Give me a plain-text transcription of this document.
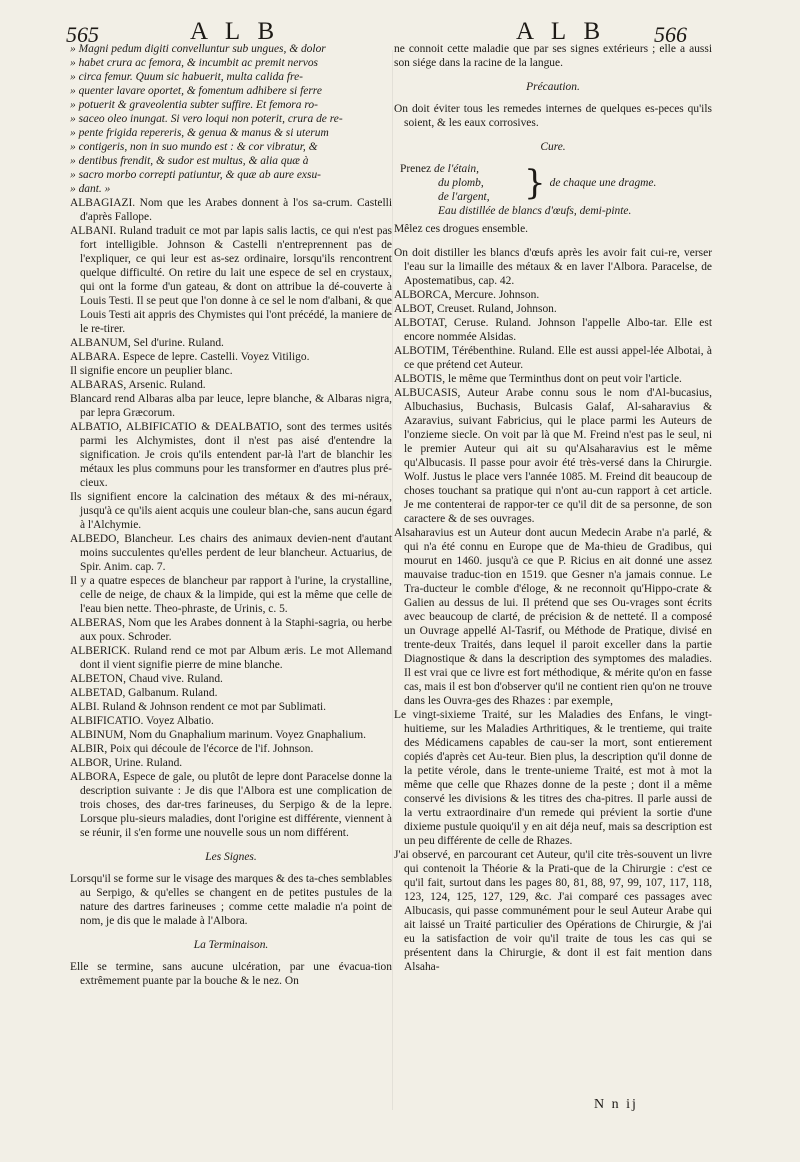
565	A L B	A L B 566

» Magni pedum digiti convelluntur sub ungues, & dolor

» habet crura ac femora, & incumbit ac premit nervos

» circa femur. Quum sic habuerit, multa calida fre-

» quenter lavare oportet, & fomentum adhibere si ferre

» potuerit & graveolentia subter suffire. Et femora ro-

» saceo oleo inungat. Si vero loqui non poterit, crura de re-

» pente frigida repereris, & genua & manus & si uterum

» contigeris, non in suo mundo est : & cor vibratur, &

» dentibus frendit, & sudor est multus, & alia quæ à

» sacro morbo correpti patiuntur, & quæ ab aure exsu-

» dant. »

ALBAGIAZI. Nom que les Arabes donnent à l'os sa-crum. Castelli d'après Fallope.

ALBANI. Ruland traduit ce mot par lapis salis lactis, ce qui n'est pas fort intelligible. Johnson & Castelli n'entreprennent pas de l'expliquer, ce qui leur est as-sez ordinaire, lorsqu'ils rencontrent quelque difficulté. On retire du lait une espece de sel en crystaux, qui ont la forme d'un gateau, & dont on attribue la dé-couverte à Louis Testi. Il se peut que l'on donne à ce sel le nom d'albani, & que Louis Testi ait appris des Chymistes qui l'ont précédé, la maniere de le re-tirer.

ALBANUM, Sel d'urine. Ruland.

ALBARA. Espece de lepre. Castelli. Voyez Vitiligo.

Il signifie encore un peuplier blanc.

ALBARAS, Arsenic. Ruland.

Blancard rend Albaras alba par leuce, lepre blanche, & Albaras nigra, par lepra Græcorum.

ALBATIO, ALBIFICATIO & DEALBATIO, sont des termes usités parmi les Alchymistes, dont il n'est pas aisé d'entendre la signification. Je crois qu'ils entendent par-là l'art de blanchir les métaux les plus communs pour les transformer en d'autres plus pré-cieux.

Ils signifient encore la calcination des métaux & des mi-néraux, jusqu'à ce qu'ils aient acquis une couleur blan-che, sans aucun égard à l'Alchymie.

ALBEDO, Blancheur. Les chairs des animaux devien-nent d'autant moins succulentes qu'elles perdent de leur blancheur. Actuarius, de Spir. Anim. cap. 7.

Il y a quatre especes de blancheur par rapport à l'urine, la crystalline, celle de neige, de chaux & la limpide, qui est la même que celle de l'eau bien nette. Theo-phraste, de Urinis, c. 5.

ALBERAS, Nom que les Arabes donnent à la Staphi-sagria, ou herbe aux poux. Schroder.

ALBERICK. Ruland rend ce mot par Album æris. Le mot Allemand dont il vient signifie pierre de mine blanche.

ALBETON, Chaud vive. Ruland.

ALBETAD, Galbanum. Ruland.

ALBI. Ruland & Johnson rendent ce mot par Sublimati.

ALBIFICATIO. Voyez Albatio.

ALBINUM, Nom du Gnaphalium marinum. Voyez Gnaphalium.

ALBIR, Poix qui découle de l'écorce de l'if. Johnson.

ALBOR, Urine. Ruland.

ALBORA, Espece de gale, ou plutôt de lepre dont Paracelse donne la description suivante : Je dis que l'Albora est une complication de trois choses, des dar-tres farineuses, du Serpigo & de la lepre. Lorsque plu-sieurs maladies, dont l'origine est différente, viennent à se réunir, il s'en forme une nouvelle sous un nom différent.

Les Signes.

Lorsqu'il se forme sur le visage des marques & des ta-ches semblables au Serpigo, & qu'elles se changent en de petites pustules de la nature des dartres farineuses ; comme cette maladie n'a point de nom, je dis que le malade à l'Albora.

La Terminaison.

Elle se termine, sans aucune ulcération, par une évacua-tion extrêmement puante par la bouche & le nez. On

ne connoit cette maladie que par ses signes extérieurs ; elle a aussi son siége dans la racine de la langue.

Précaution.

On doit éviter tous les remedes internes de quelques es-peces qu'ils soient, & les eaux corrosives.

Cure.

Prenez de l'étain,
du plomb,
de l'argent,	} de chaque une dragme.
Eau distillée de blancs d'œufs, demi-pinte.

Mêlez ces drogues ensemble.

On doit distiller les blancs d'œufs après les avoir fait cui-re, verser l'eau sur la limaille des métaux & en laver l'Albora. Paracelse, de Apostematibus, cap. 42.

ALBORCA, Mercure. Johnson.

ALBOT, Creuset. Ruland, Johnson.

ALBOTAT, Ceruse. Ruland. Johnson l'appelle Albo-tar. Elle est encore nommée Alsidas.

ALBOTIM, Térébenthine. Ruland. Elle est aussi appel-lée Albotai, à ce que prétend cet Auteur.

ALBOTIS, le même que Terminthus dont on peut voir l'article.

ALBUCASIS, Auteur Arabe connu sous le nom d'Al-bucasius, Albuchasius, Buchasis, Bulcasis Galaf, Al-saharavius & Azaravius, suivant Fabricius, qui le place parmi les Auteurs de l'onzieme siecle. On voit par là que M. Freind n'est pas le seul, ni le premier Auteur qui ait su qu'Alsaharavius est le même qu'Albucasis. Il passe pour avoir été très-versé dans la Chirurgie. Wolf. Justus le place vers l'année 1085. M. Freind dit beaucoup de choses touchant sa pratique qui n'ont au-cun rapport à cet article. Je me contenterai de rappor-ter ce qu'il dit de sa personne, de son caractere & de ses ouvrages.

Alsaharavius est un Auteur dont aucun Medecin Arabe n'a parlé, & qui n'a été connu en Europe que de Ma-thieu de Gradibus, qui mourut en 1460. jusqu'à ce que P. Ricius en ait donné une assez mauvaise traduc-tion en 1519. que Gesner n'a jamais connue. Le Tra-ducteur le comble d'éloge, & ne reconnoit qu'Hippo-crate & Galien au dessus de lui. Il prétend que ses Ou-vrages sont écrits avec beaucoup de clarté, de précision & de netteté. Il a composé un Ouvrage appellé Al-Tasrif, ou Méthode de Pratique, divisé en trente-deux Traités, dans lequel il paroit exceller dans la partie Diagnostique & dans la description des symptomes des maladies. Il est vrai que ce livre est fort méthodique, & mérite qu'on en fasse cas, mais il est bon d'observer qu'il ne contient rien qu'on ne trouve dans les Ouvra-ges des Rhazes : par exemple,

Le vingt-sixieme Traité, sur les Maladies des Enfans, le vingt-huitieme, sur les Maladies Arthritiques, & le trentieme, qui traite des Médicamens capables de cau-ser la mort, sont entierement copiés d'après cet Au-teur. Bien plus, la description qu'il donne de la petite vérole, dans le trente-unieme Traité, est mot à mot la même que celle que Rhazes donne de la peste ; dont il a même conservé les divisions & les titres des cha-pitres. Il parle aussi de la vertu extraordinaire d'un remede qui prévient la sortie d'une dixieme pustule quoiqu'il y en ait déja neuf, mais sa description est un peu différente de celle de Rhazes.

J'ai observé, en parcourant cet Auteur, qu'il cite très-souvent un livre qui contenoit la Théorie & la Prati-que de la Chirurgie : c'est ce qu'il fait, surtout dans les pages 80, 81, 88, 97, 99, 107, 117, 118, 123, 124, 125, 127, 129, &c. J'ai comparé ces passages avec Albucasis, qui passe communément pour le seul Auteur Arabe qui ait laissé un Traité particulier des Opérations de Chirurgie, & j'ai eu la satisfaction de voir qu'il traite de tous les cas qui se présentent dans la Chirurgie, & dont il est fait mention dans Alsaha-

N n ij
